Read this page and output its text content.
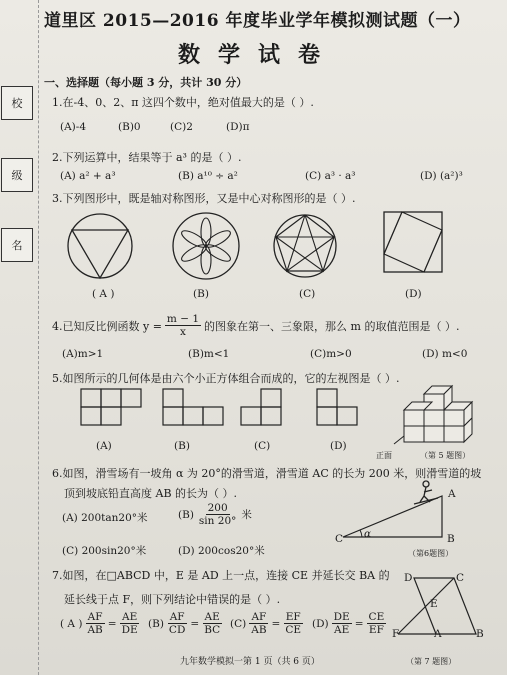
校
级
名
道里区 2015—2016 年度毕业学年模拟测试题（一）
数学试卷
一、选择题（每小题 3 分，共计 30 分）
1.在-4、0、2、π 这四个数中，绝对值最大的是（ ）.
(A)-4	(B)0	(C)2	(D)π
2.下列运算中，结果等于 a³ 的是（ ）.
(A) a² + a³	(B) a¹⁰ ÷ a²	(C) a³ · a³	(D) (a²)³
3.下列图形中，既是轴对称图形，又是中心对称图形的是（ ）.
( A )	(B)	(C)	(D)
4.已知反比例函数 $y = \frac{m - 1}{x}$ 的图象在第一、三象限，那么 m 的取值范围是（ ）.
(A)m>1	(B)m<1	(C)m>0	(D) m<0
5.如图所示的几何体是由六个小正方体组合而成的，它的左视图是（ ）.
(A)	(B)	(C)	(D)
正面	（第 5 题图）
6.如图，滑雪场有一坡角 α 为 20°的滑雪道，滑雪道 AC 的长为 200 米，则滑雪道的坡
顶到坡底铅直高度 AB 的长为（ ）.
(A) 200tan20°米	$(B) \frac{200}{\sin 20^\circ}$ 米
(C) 200sin20°米	(D) 200cos20°米
α
A
B
C
（第6题图）
7.如图，在□ABCD 中，E 是 AD 上一点，连接 CE 并延长交 BA 的
延长线于点 F，则下列结论中错误的是（ ）.
( A ) $\frac{AF}{AB} = \frac{AE}{DE} (B) \frac{AF}{CD} = \frac{AE}{BC} (C) \frac{AF}{AB} = \frac{EF}{CE} (D) \frac{DE}{AE} = \frac{CE}{EF}$
D	C
E
F	A	B
（第 7 题图）
九年数学模拟一第 1 页（共 6 页）
